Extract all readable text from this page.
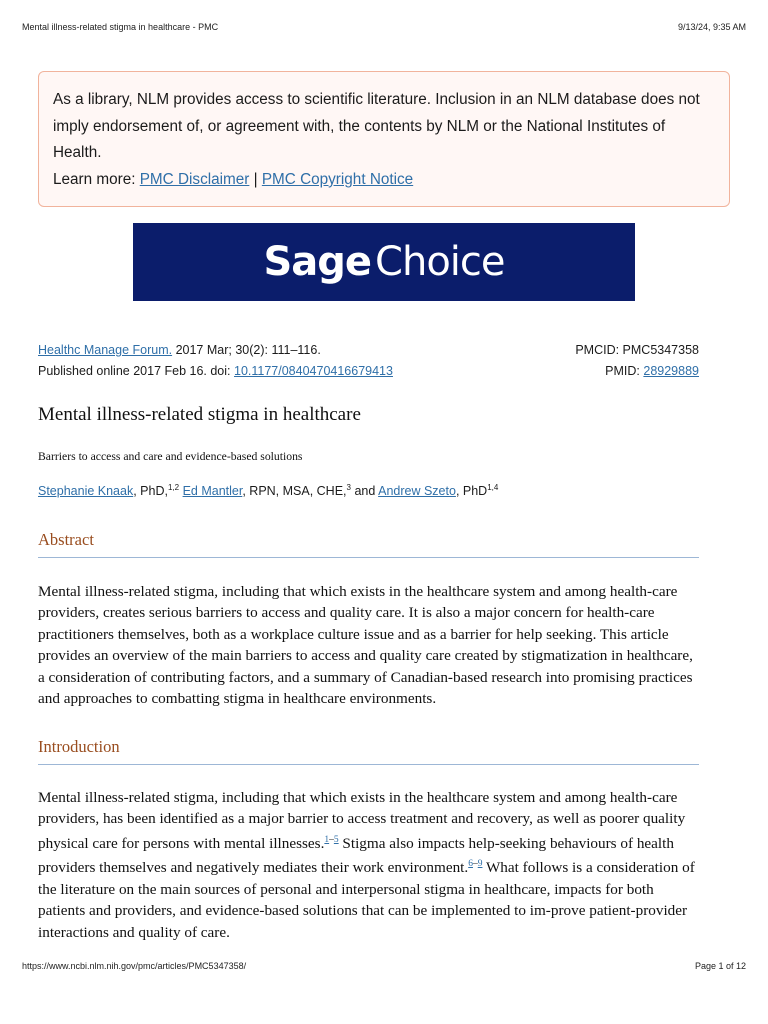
Mental illness-related stigma in healthcare - PMC	9/13/24, 9:35 AM
As a library, NLM provides access to scientific literature. Inclusion in an NLM database does not imply endorsement of, or agreement with, the contents by NLM or the National Institutes of Health.
Learn more: PMC Disclaimer | PMC Copyright Notice
Sage Choice
Healthc Manage Forum. 2017 Mar; 30(2): 111–116.	PMCID: PMC5347358
Published online 2017 Feb 16. doi: 10.1177/0840470416679413	PMID: 28929889
Mental illness-related stigma in healthcare
Barriers to access and care and evidence-based solutions
Stephanie Knaak, PhD,$^{1,2}$ Ed Mantler, RPN, MSA, CHE,$^3$ and Andrew Szeto, PhD$^{1,4}$
Abstract
Mental illness-related stigma, including that which exists in the healthcare system and among health-care providers, creates serious barriers to access and quality care. It is also a major concern for health-care practitioners themselves, both as a workplace culture issue and as a barrier for help seeking. This article provides an overview of the main barriers to access and quality care created by stigmatization in healthcare, a consideration of contributing factors, and a summary of Canadian-based research into promising practices and approaches to combatting stigma in healthcare environments.
Introduction
Mental illness-related stigma, including that which exists in the healthcare system and among health-care providers, has been identified as a major barrier to access treatment and recovery, as well as poorer quality physical care for persons with mental illnesses.$^{1-5}$ Stigma also impacts help-seeking behaviours of health providers themselves and negatively mediates their work environment.$^{6-9}$ What follows is a consideration of the literature on the main sources of personal and interpersonal stigma in healthcare, impacts for both patients and providers, and evidence-based solutions that can be implemented to im-prove patient-provider interactions and quality of care.
https://www.ncbi.nlm.nih.gov/pmc/articles/PMC5347358/	Page 1 of 12
